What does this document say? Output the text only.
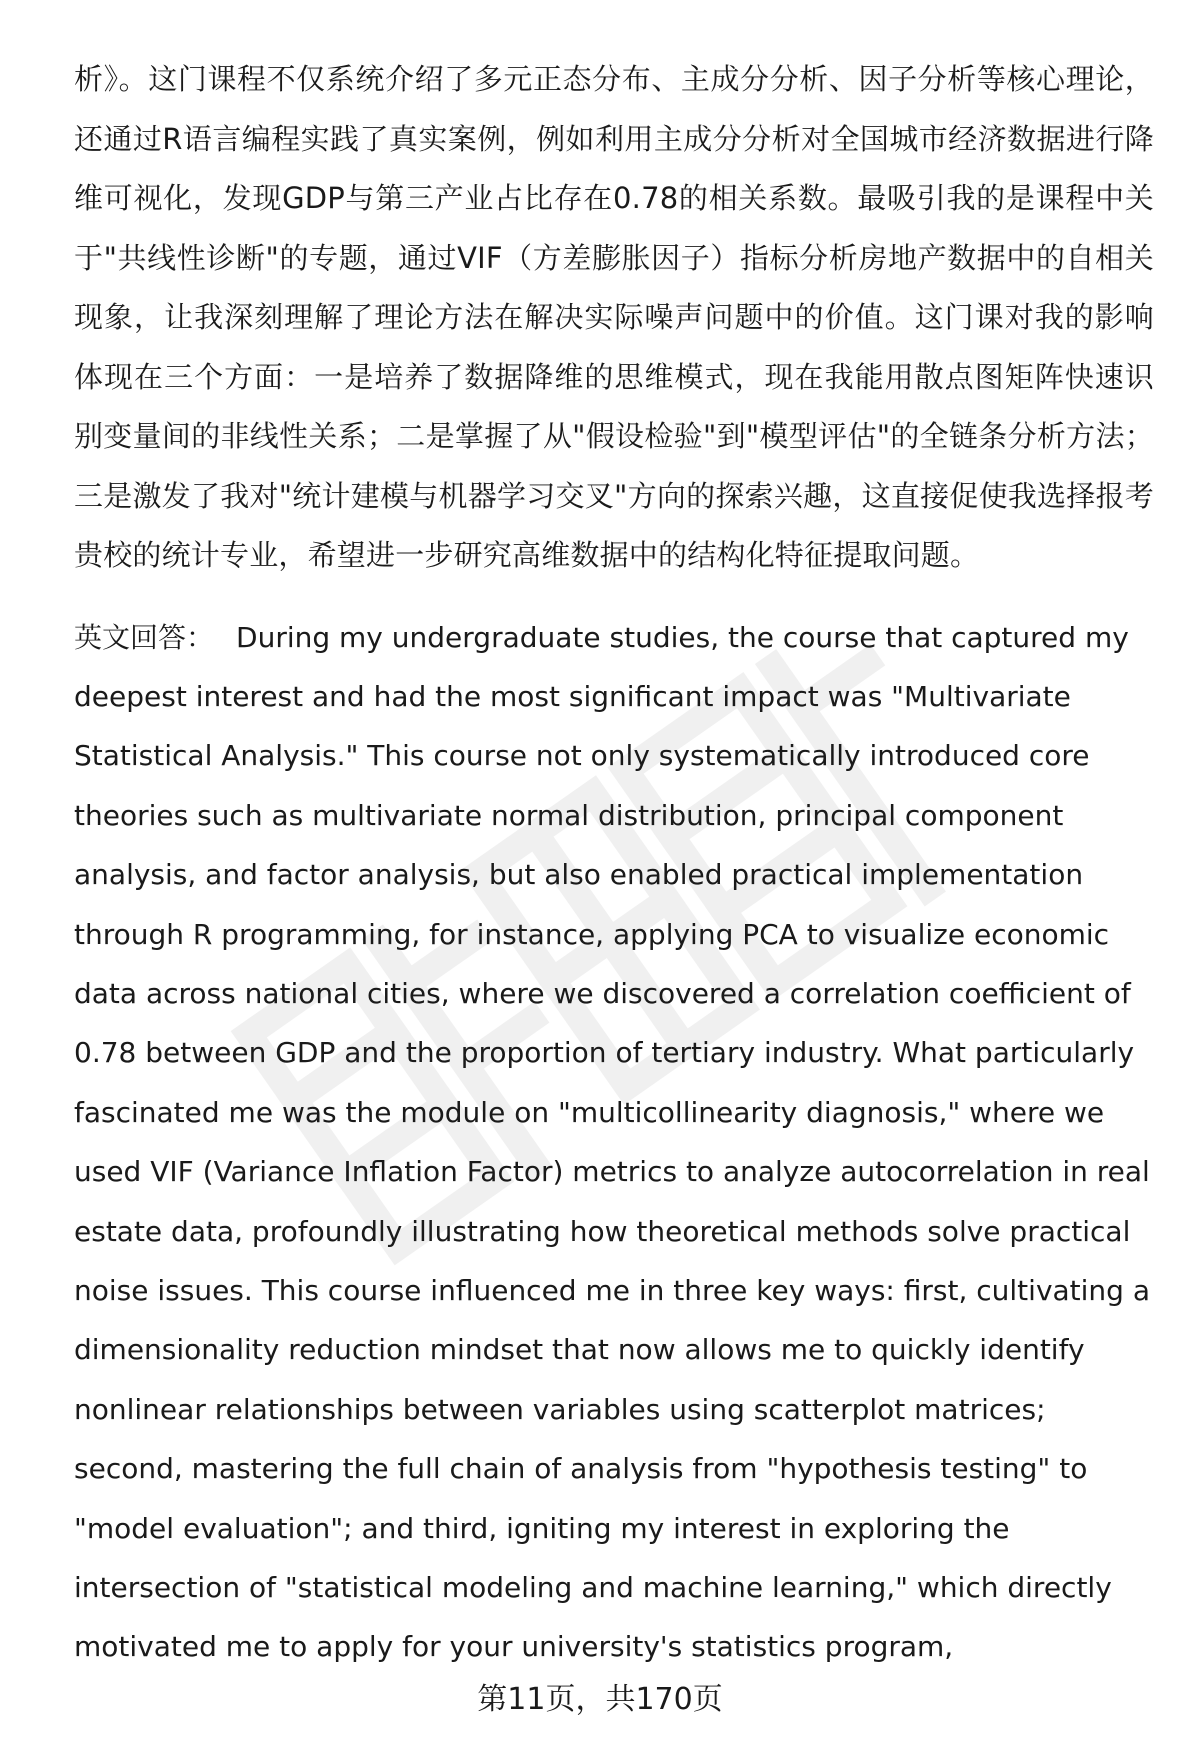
析》。这门课程不仅系统介绍了多元正态分布、主成分分析、因子分析等核心理论，还通过R语言编程实践了真实案例，例如利用主成分分析对全国城市经济数据进行降维可视化，发现GDP与第三产业占比存在0.78的相关系数。最吸引我的是课程中关于"共线性诊断"的专题，通过VIF（方差膨胀因子）指标分析房地产数据中的自相关现象，让我深刻理解了理论方法在解决实际噪声问题中的价值。这门课对我的影响体现在三个方面：一是培养了数据降维的思维模式，现在我能用散点图矩阵快速识别变量间的非线性关系；二是掌握了从"假设检验"到"模型评估"的全链条分析方法；三是激发了我对"统计建模与机器学习交叉"方向的探索兴趣，这直接促使我选择报考贵校的统计专业，希望进一步研究高维数据中的结构化特征提取问题。

英文回答： During my undergraduate studies, the course that captured my deepest interest and had the most significant impact was "Multivariate Statistical Analysis." This course not only systematically introduced core theories such as multivariate normal distribution, principal component analysis, and factor analysis, but also enabled practical implementation through R programming, for instance, applying PCA to visualize economic data across national cities, where we discovered a correlation coefficient of 0.78 between GDP and the proportion of tertiary industry. What particularly fascinated me was the module on "multicollinearity diagnosis," where we used VIF (Variance Inflation Factor) metrics to analyze autocorrelation in real estate data, profoundly illustrating how theoretical methods solve practical noise issues. This course influenced me in three key ways: first, cultivating a dimensionality reduction mindset that now allows me to quickly identify nonlinear relationships between variables using scatterplot matrices; second, mastering the full chain of analysis from "hypothesis testing" to "model evaluation"; and third, igniting my interest in exploring the intersection of "statistical modeling and machine learning," which directly motivated me to apply for your university's statistics program,

第11页，共170页
